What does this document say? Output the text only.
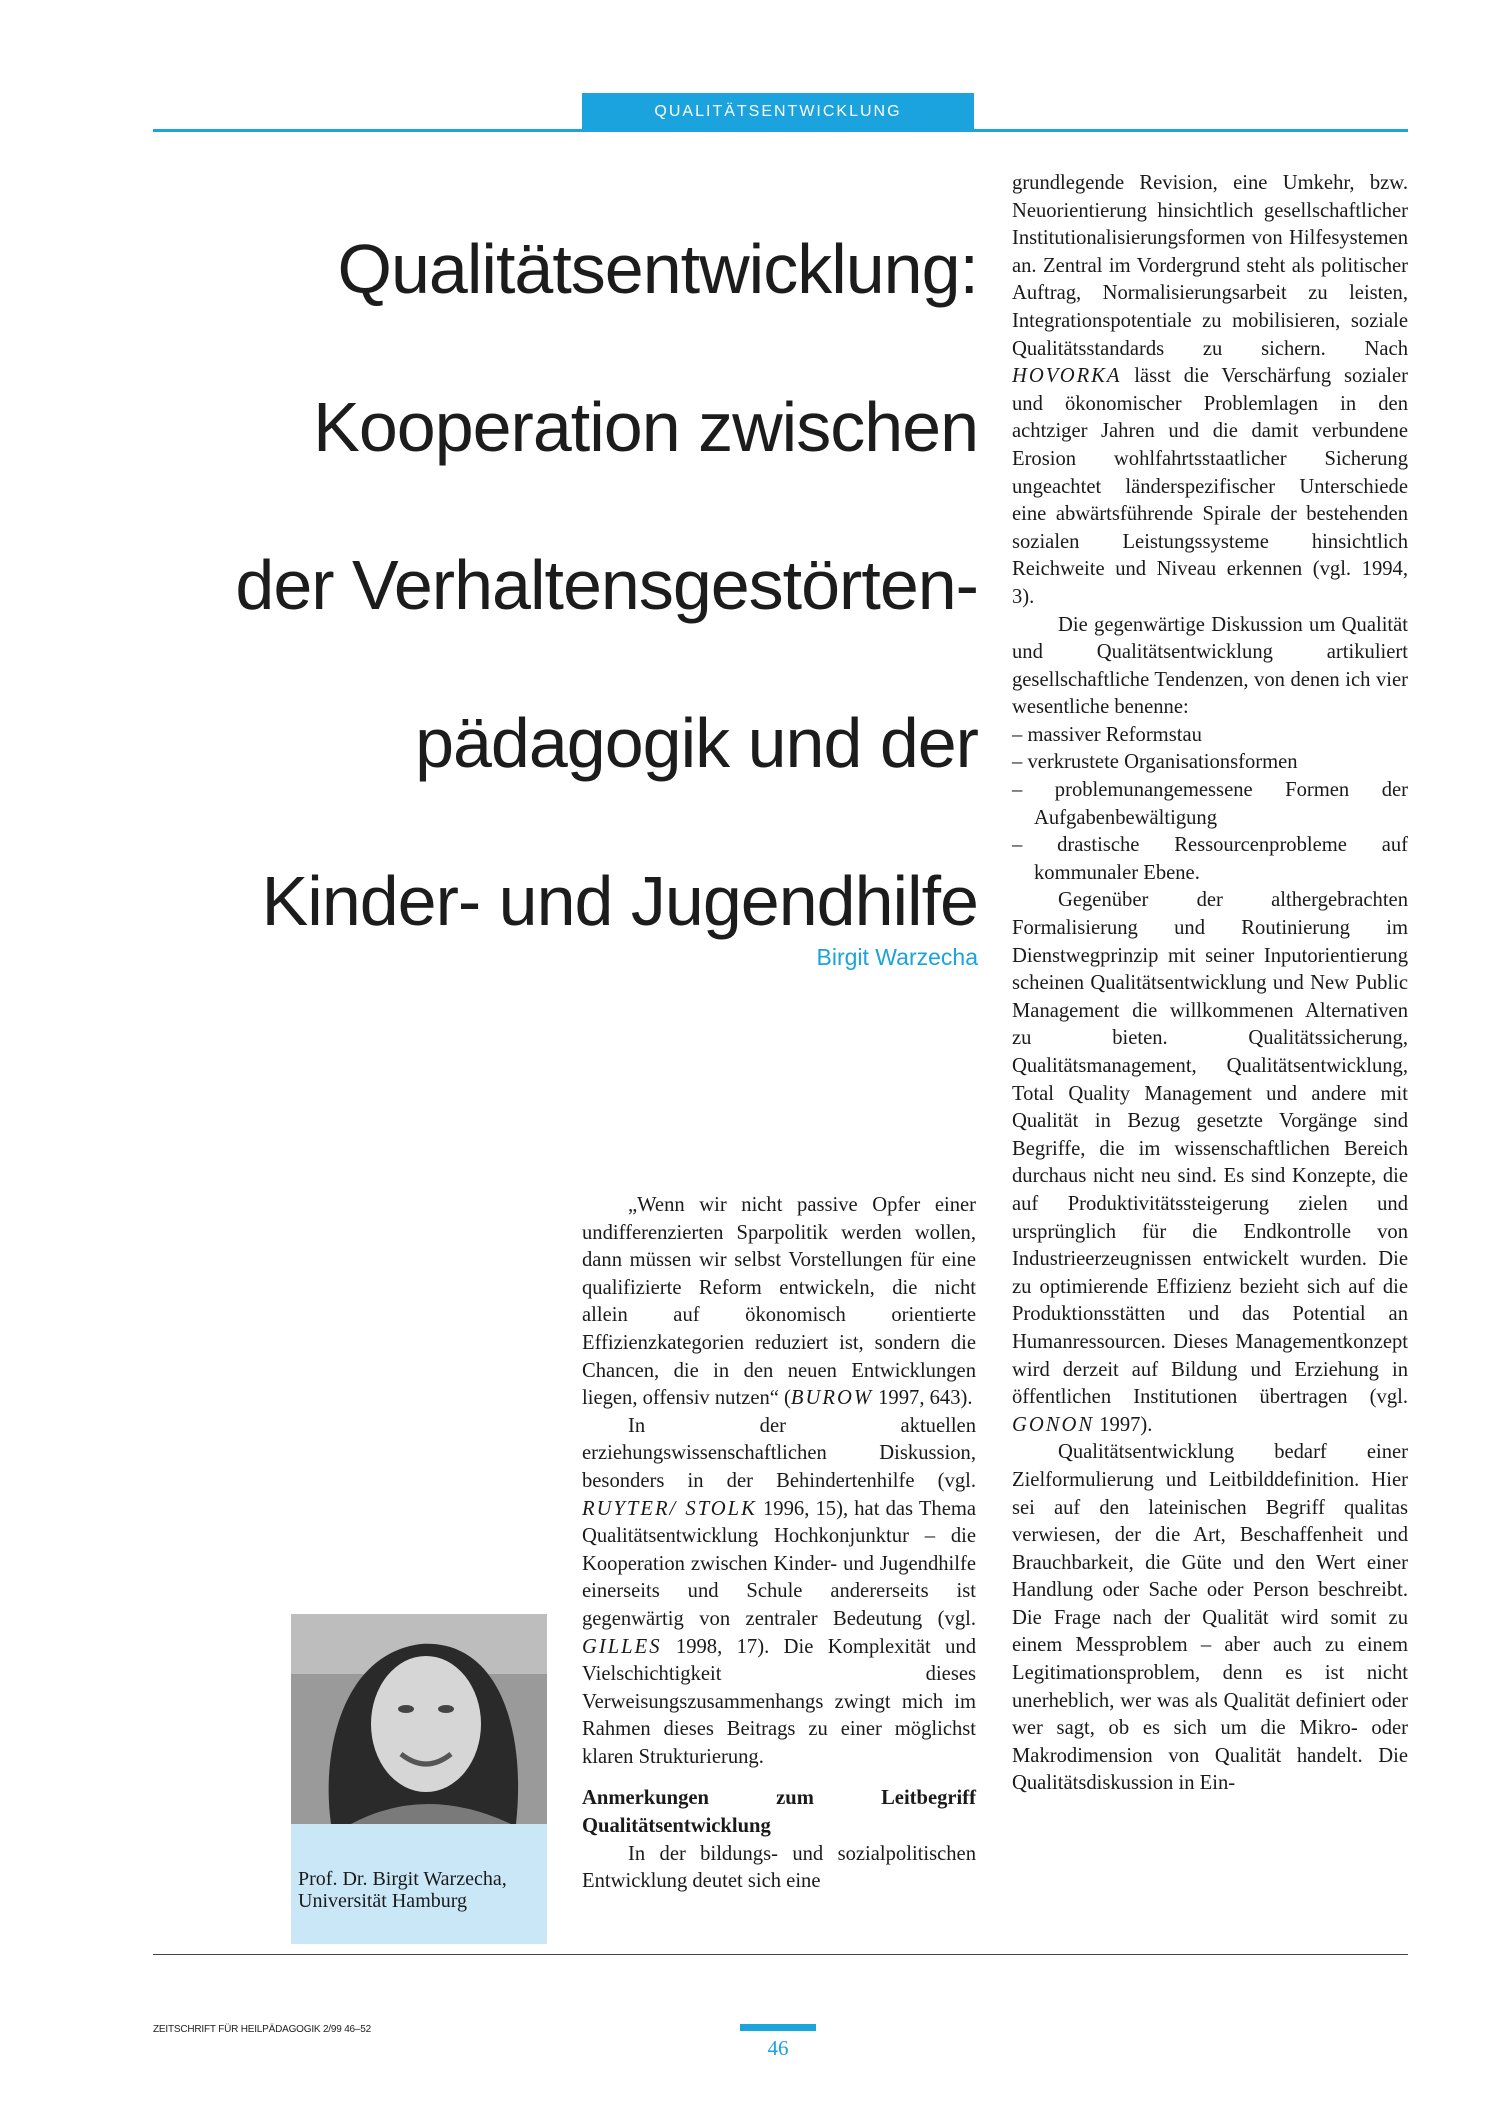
QUALITÄTSENTWICKLUNG
Qualitätsentwicklung:
Kooperation zwischen
der Verhaltensgestörten-
pädagogik und der
Kinder- und Jugendhilfe
Birgit Warzecha
Prof. Dr. Birgit Warzecha,
Universität Hamburg

„Wenn wir nicht passive Opfer einer undifferenzierten Sparpolitik werden wollen, dann müssen wir selbst Vorstellungen für eine qualifizierte Reform entwickeln, die nicht allein auf ökonomisch orientierte Effizienzkategorien reduziert ist, sondern die Chancen, die in den neuen Entwicklungen liegen, offensiv nutzen“ (BUROW 1997, 643).

In der aktuellen erziehungswissenschaftlichen Diskussion, besonders in der Behindertenhilfe (vgl. RUYTER/ STOLK 1996, 15), hat das Thema Qualitätsentwicklung Hochkonjunktur – die Kooperation zwischen Kinder- und Jugendhilfe einerseits und Schule andererseits ist gegenwärtig von zentraler Bedeutung (vgl. GILLES 1998, 17). Die Komplexität und Vielschichtigkeit dieses Verweisungszusammenhangs zwingt mich im Rahmen dieses Beitrags zu einer möglichst klaren Strukturierung.

Anmerkungen zum Leitbegriff Qualitätsentwicklung

In der bildungs- und sozialpolitischen Entwicklung deutet sich eine

grundlegende Revision, eine Umkehr, bzw. Neuorientierung hinsichtlich gesellschaftlicher Institutionalisierungsformen von Hilfesystemen an. Zentral im Vordergrund steht als politischer Auftrag, Normalisierungsarbeit zu leisten, Integrationspotentiale zu mobilisieren, soziale Qualitätsstandards zu sichern. Nach HOVORKA lässt die Verschärfung sozialer und ökonomischer Problemlagen in den achtziger Jahren und die damit verbundene Erosion wohlfahrtsstaatlicher Sicherung ungeachtet länderspezifischer Unterschiede eine abwärtsführende Spirale der bestehenden sozialen Leistungssysteme hinsichtlich Reichweite und Niveau erkennen (vgl. 1994, 3).

Die gegenwärtige Diskussion um Qualität und Qualitätsentwicklung artikuliert gesellschaftliche Tendenzen, von denen ich vier wesentliche benenne:

– massiver Reformstau
– verkrustete Organisationsformen
– problemunangemessene Formen der Aufgabenbewältigung
– drastische Ressourcenprobleme auf kommunaler Ebene.

Gegenüber der althergebrachten Formalisierung und Routinierung im Dienstwegprinzip mit seiner Inputorientierung scheinen Qualitätsentwicklung und New Public Management die willkommenen Alternativen zu bieten. Qualitätssicherung, Qualitätsmanagement, Qualitätsentwicklung, Total Quality Management und andere mit Qualität in Bezug gesetzte Vorgänge sind Begriffe, die im wissenschaftlichen Bereich durchaus nicht neu sind. Es sind Konzepte, die auf Produktivitätssteigerung zielen und ursprünglich für die Endkontrolle von Industrieerzeugnissen entwickelt wurden. Die zu optimierende Effizienz bezieht sich auf die Produktionsstätten und das Potential an Humanressourcen. Dieses Managementkonzept wird derzeit auf Bildung und Erziehung in öffentlichen Institutionen übertragen (vgl. GONON 1997).

Qualitätsentwicklung bedarf einer Zielformulierung und Leitbilddefinition. Hier sei auf den lateinischen Begriff qualitas verwiesen, der die Art, Beschaffenheit und Brauchbarkeit, die Güte und den Wert einer Handlung oder Sache oder Person beschreibt. Die Frage nach der Qualität wird somit zu einem Messproblem – aber auch zu einem Legitimationsproblem, denn es ist nicht unerheblich, wer was als Qualität definiert oder wer sagt, ob es sich um die Mikro- oder Makrodimension von Qualität handelt. Die Qualitätsdiskussion in Ein-

ZEITSCHRIFT FÜR HEILPÄDAGOGIK 2/99 46–52
46
